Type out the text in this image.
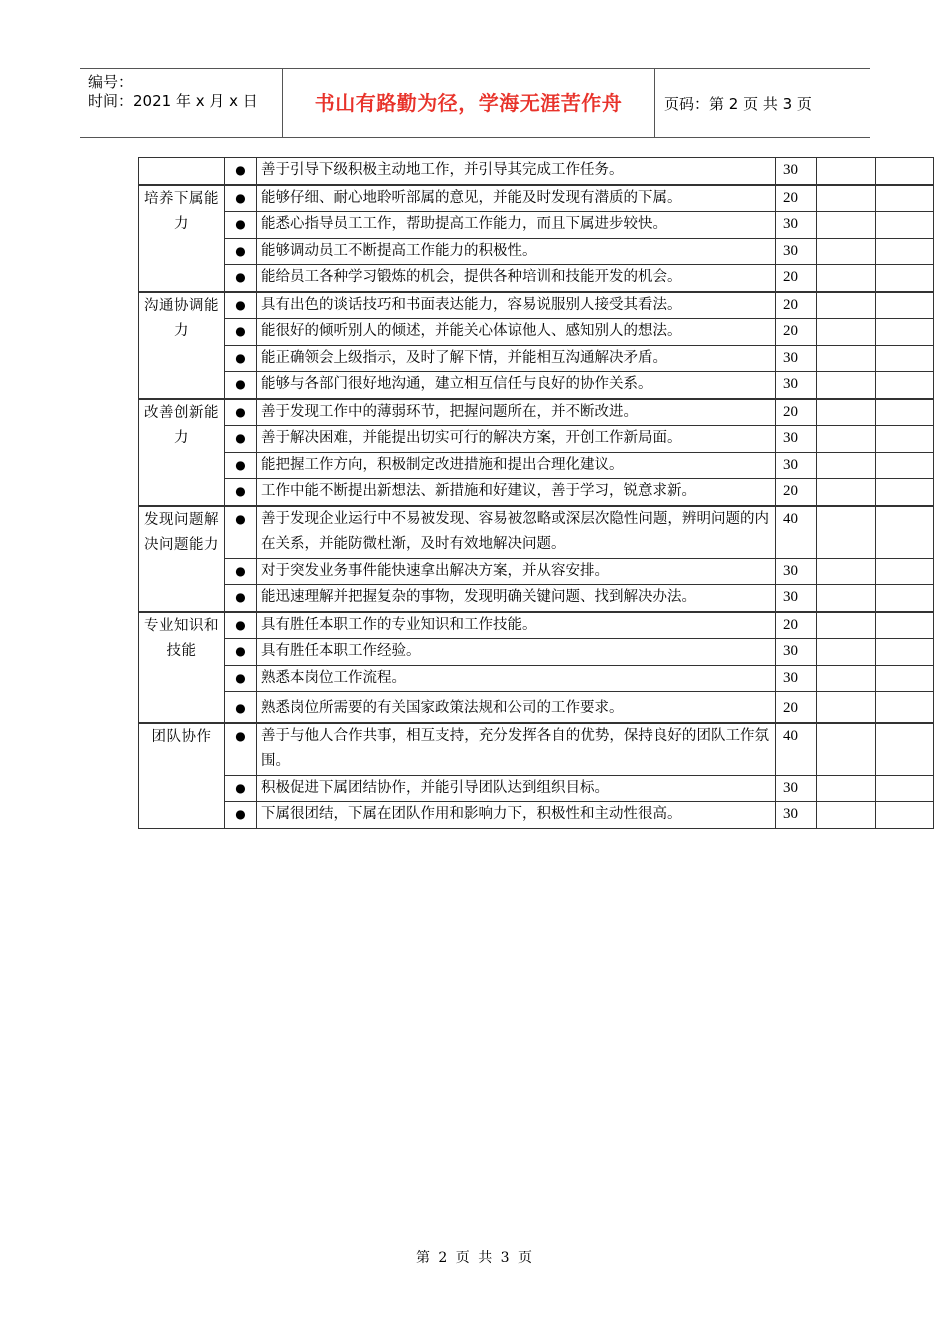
编号：
时间：2021 年 x 月 x 日	书山有路勤为径，学海无涯苦作舟	页码：第 2 页 共 3 页
	●	善于引导下级积极主动地工作，并引导其完成工作任务。	30		
培养下属能力	●	能够仔细、耐心地聆听部属的意见，并能及时发现有潜质的下属。	20		
	●	能悉心指导员工工作，帮助提高工作能力，而且下属进步较快。	30		
	●	能够调动员工不断提高工作能力的积极性。	30		
	●	能给员工各种学习锻炼的机会，提供各种培训和技能开发的机会。	20		
沟通协调能力	●	具有出色的谈话技巧和书面表达能力，容易说服别人接受其看法。	20		
	●	能很好的倾听别人的倾述，并能关心体谅他人、感知别人的想法。	20		
	●	能正确领会上级指示，及时了解下情，并能相互沟通解决矛盾。	30		
	●	能够与各部门很好地沟通，建立相互信任与良好的协作关系。	30		
改善创新能力	●	善于发现工作中的薄弱环节，把握问题所在，并不断改进。	20		
	●	善于解决困难，并能提出切实可行的解决方案，开创工作新局面。	30		
	●	能把握工作方向，积极制定改进措施和提出合理化建议。	30		
	●	工作中能不断提出新想法、新措施和好建议，善于学习，锐意求新。	20		
发现问题解决问题能力	●	善于发现企业运行中不易被发现、容易被忽略或深层次隐性问题，辨明问题的内在关系，并能防微杜渐，及时有效地解决问题。	40		
	●	对于突发业务事件能快速拿出解决方案，并从容安排。	30		
	●	能迅速理解并把握复杂的事物，发现明确关键问题、找到解决办法。	30		
专业知识和技能	●	具有胜任本职工作的专业知识和工作技能。	20		
	●	具有胜任本职工作经验。	30		
	●	熟悉本岗位工作流程。	30		
	●	熟悉岗位所需要的有关国家政策法规和公司的工作要求。	20		
团队协作	●	善于与他人合作共事，相互支持，充分发挥各自的优势，保持良好的团队工作氛围。	40		
	●	积极促进下属团结协作，并能引导团队达到组织目标。	30		
	●	下属很团结，下属在团队作用和影响力下，积极性和主动性很高。	30		
第 2 页 共 3 页
